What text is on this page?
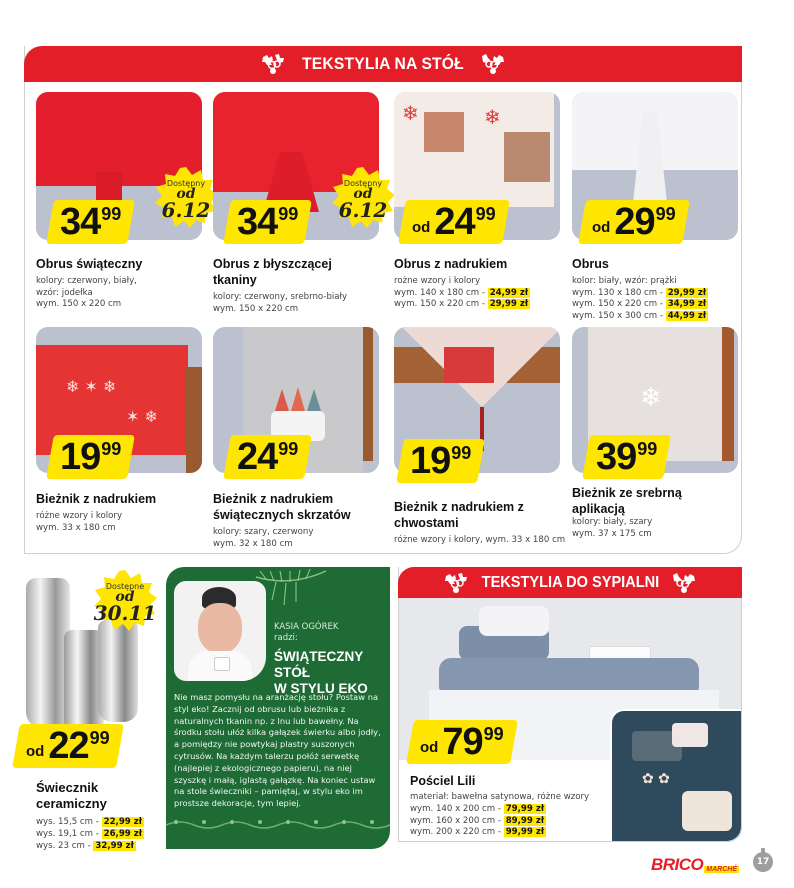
TEKSTYLIA NA STÓŁ
34 99
Dostępny
od
6.12
Obrus świąteczny
kolory: czerwony, biały,
wzór: jodełka
wym. 150 x 220 cm
34 99
Dostępny
od
6.12
Obrus z błyszczącej tkaniny
kolory: czerwony, srebrno-biały
wym. 150 x 220 cm
❄	❄
od 24 99
Obrus z nadrukiem
rożne wzory i kolory
wym. 140 x 180 cm - 24,99 zł
wym. 150 x 220 cm - 29,99 zł
od 29 99
Obrus
kolor: biały, wzór: prążki
wym. 130 x 180 cm - 29,99 zł
wym. 150 x 220 cm - 34,99 zł
wym. 150 x 300 cm - 44,99 zł
❄ ✶ ❄
✶ ❄
19 99
Bieżnik z nadrukiem
różne wzory i kolory
wym. 33 x 180 cm
24 99
Bieżnik z nadrukiem świątecznych skrzatów
kolory: szary, czerwony
wym. 32 x 180 cm
19 99
Bieżnik z nadrukiem z chwostami
różne wzory i kolory, wym. 33 x 180 cm
❄
39 99
Bieżnik ze srebrną aplikacją
kolory: biały, szary
wym. 37 x 175 cm
Dostępne
od
30.11
od 22 99
Świecznik
ceramiczny
wys. 15,5 cm - 22,99 zł
wys. 19,1 cm - 26,99 zł
wys. 23 cm - 32,99 zł
KASIA OGÓREK
radzi:
ŚWIĄTECZNY
STÓŁ
W STYLU EKO
Nie masz pomysłu na aranżację stołu? Postaw na styl eko! Zacznij od obrusu lub bieżnika z naturalnych tkanin np. z lnu lub bawełny. Na środku stołu ułóż kilka gałązek świerku albo jodły, a pomiędzy nie powtykaj plastry suszonych cytrusów. Na każdym talerzu połóż serwetkę (najlepiej z ekologicznego papieru), na niej szyszkę i małą, iglastą gałązkę. Na koniec ustaw na stole świeczniki – pamiętaj, w stylu eko im prostsze dekoracje, tym lepiej.
TEKSTYLIA DO SYPIALNI
✿ ✿
od 79 99
Pościel Lili
materiał: bawełna satynowa, różne wzory
wym. 140 x 200 cm - 79,99 zł
wym. 160 x 200 cm - 89,99 zł
wym. 200 x 220 cm - 99,99 zł
BRICO MARCHÉ
17
